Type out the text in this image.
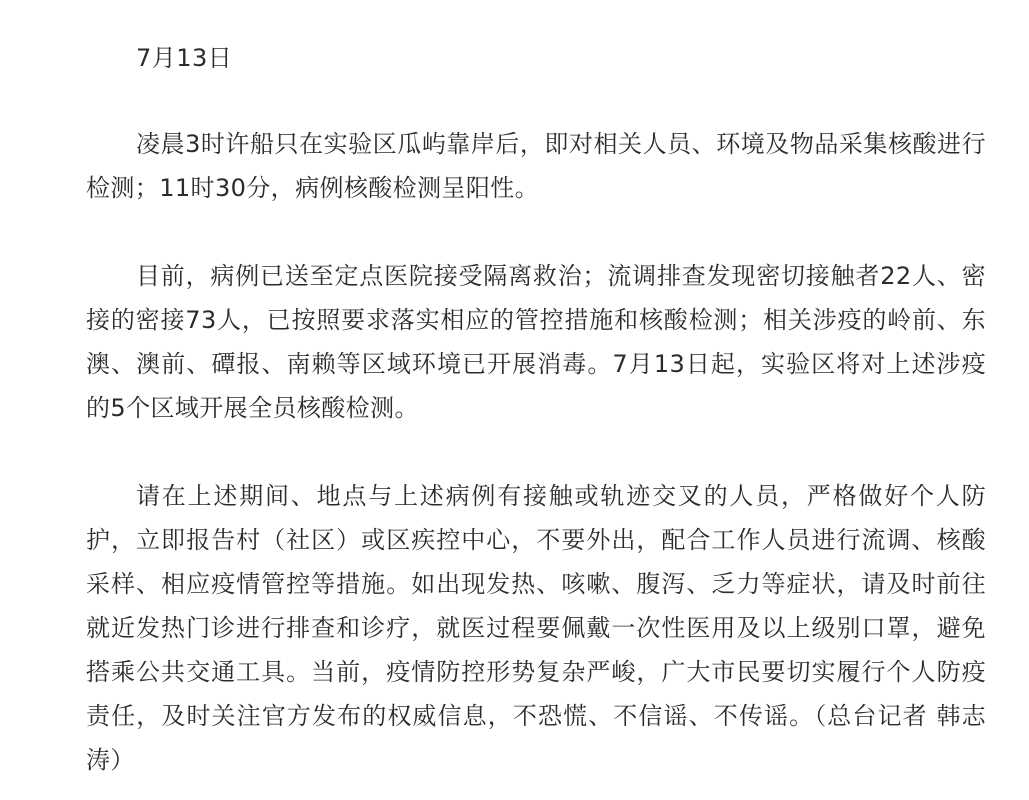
7月13日

凌晨3时许船只在实验区瓜屿靠岸后，即对相关人员、环境及物品采集核酸进行检测；11时30分，病例核酸检测呈阳性。

目前，病例已送至定点医院接受隔离救治；流调排查发现密切接触者22人、密接的密接73人，已按照要求落实相应的管控措施和核酸检测；相关涉疫的岭前、东澳、澳前、磹报、南赖等区域环境已开展消毒。7月13日起，实验区将对上述涉疫的5个区域开展全员核酸检测。

请在上述期间、地点与上述病例有接触或轨迹交叉的人员，严格做好个人防护，立即报告村（社区）或区疾控中心，不要外出，配合工作人员进行流调、核酸采样、相应疫情管控等措施。如出现发热、咳嗽、腹泻、乏力等症状，请及时前往就近发热门诊进行排查和诊疗，就医过程要佩戴一次性医用及以上级别口罩，避免搭乘公共交通工具。当前，疫情防控形势复杂严峻，广大市民要切实履行个人防疫责任，及时关注官方发布的权威信息，不恐慌、不信谣、不传谣。（总台记者 韩志涛）
